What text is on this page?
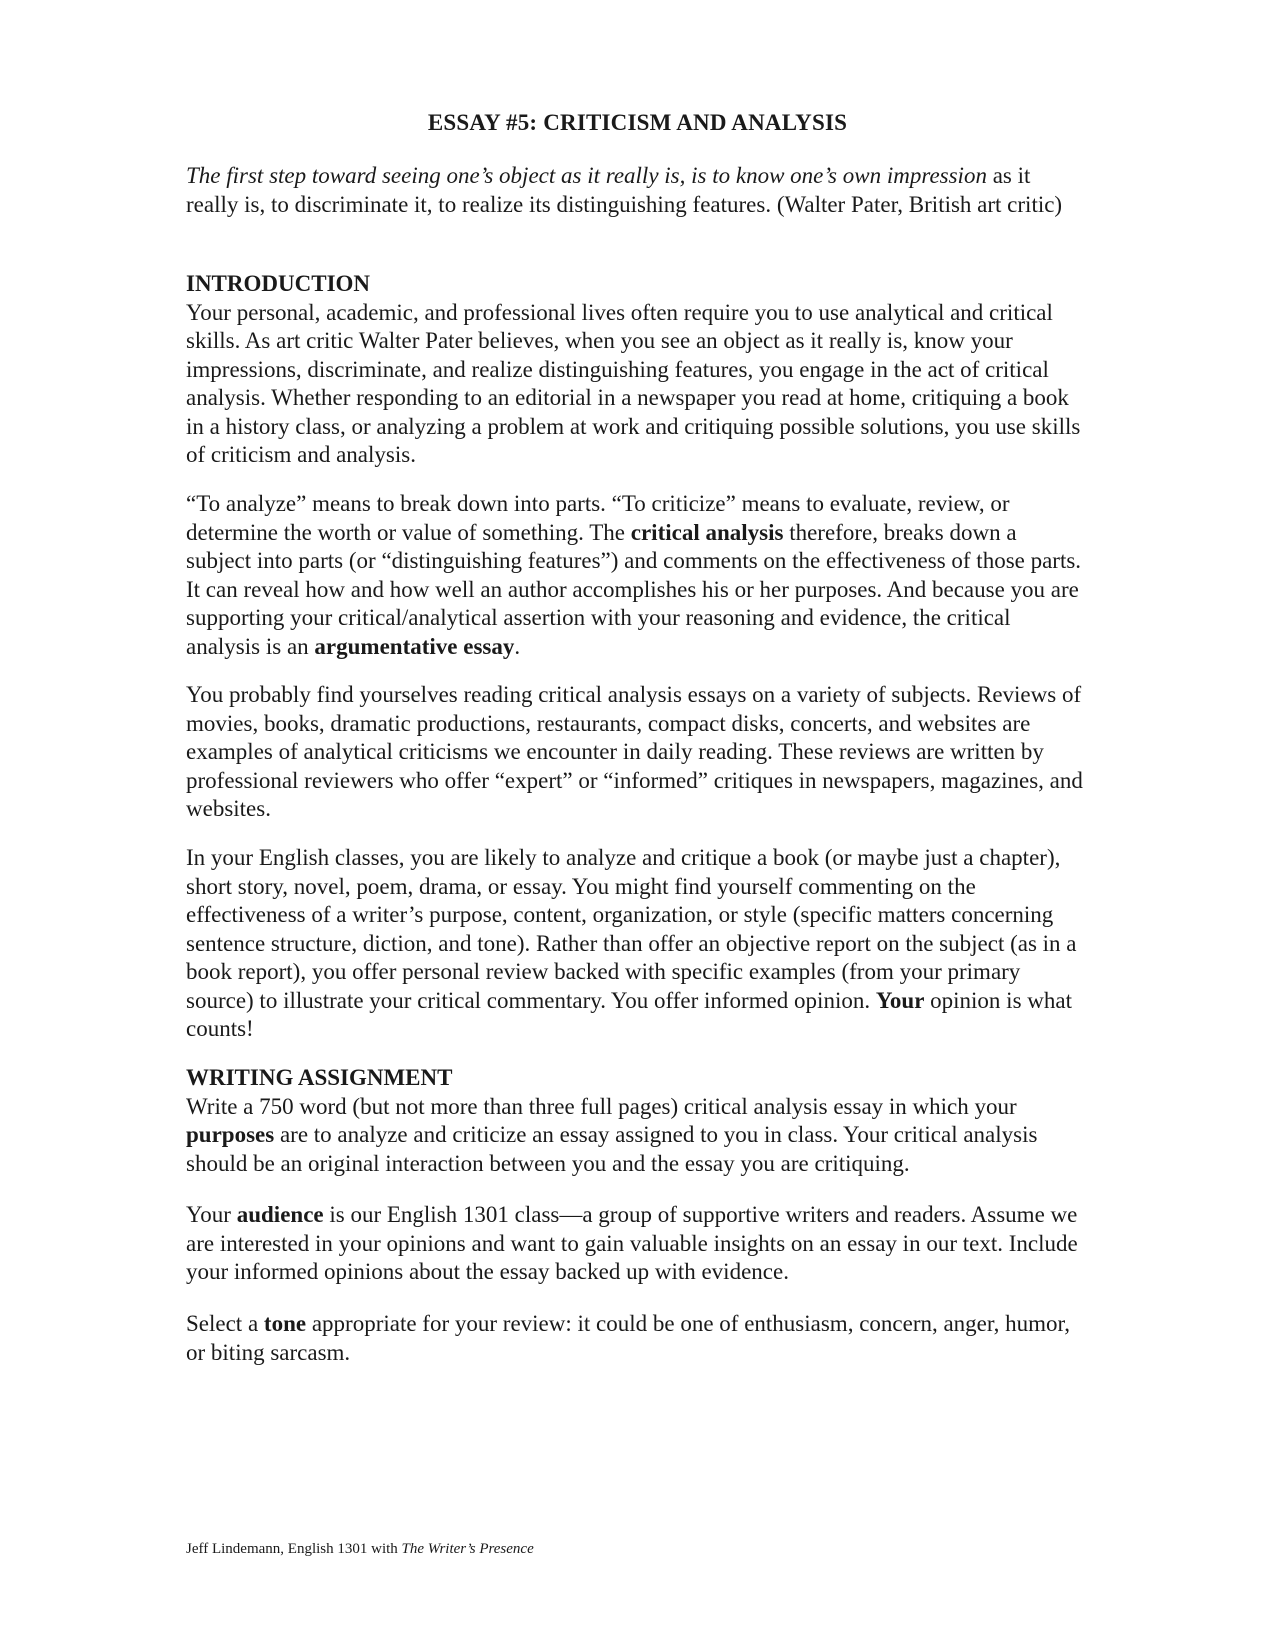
ESSAY #5: CRITICISM AND ANALYSIS

The first step toward seeing one’s object as it really is, is to know one’s own impression as it really is, to discriminate it, to realize its distinguishing features. (Walter Pater, British art critic)

INTRODUCTION

Your personal, academic, and professional lives often require you to use analytical and critical skills. As art critic Walter Pater believes, when you see an object as it really is, know your impressions, discriminate, and realize distinguishing features, you engage in the act of critical analysis. Whether responding to an editorial in a newspaper you read at home, critiquing a book in a history class, or analyzing a problem at work and critiquing possible solutions, you use skills of criticism and analysis.

“To analyze” means to break down into parts. “To criticize” means to evaluate, review, or determine the worth or value of something. The critical analysis therefore, breaks down a subject into parts (or “distinguishing features”) and comments on the effectiveness of those parts. It can reveal how and how well an author accomplishes his or her purposes. And because you are supporting your critical/analytical assertion with your reasoning and evidence, the critical analysis is an argumentative essay.

You probably find yourselves reading critical analysis essays on a variety of subjects. Reviews of movies, books, dramatic productions, restaurants, compact disks, concerts, and websites are examples of analytical criticisms we encounter in daily reading. These reviews are written by professional reviewers who offer “expert” or “informed” critiques in newspapers, magazines, and websites.

In your English classes, you are likely to analyze and critique a book (or maybe just a chapter), short story, novel, poem, drama, or essay. You might find yourself commenting on the effectiveness of a writer’s purpose, content, organization, or style (specific matters concerning sentence structure, diction, and tone). Rather than offer an objective report on the subject (as in a book report), you offer personal review backed with specific examples (from your primary source) to illustrate your critical commentary. You offer informed opinion. Your opinion is what counts!

WRITING ASSIGNMENT

Write a 750 word (but not more than three full pages) critical analysis essay in which your purposes are to analyze and criticize an essay assigned to you in class. Your critical analysis should be an original interaction between you and the essay you are critiquing.

Your audience is our English 1301 class—a group of supportive writers and readers. Assume we are interested in your opinions and want to gain valuable insights on an essay in our text. Include your informed opinions about the essay backed up with evidence.

Select a tone appropriate for your review: it could be one of enthusiasm, concern, anger, humor, or biting sarcasm.

Jeff Lindemann, English 1301 with The Writer’s Presence
